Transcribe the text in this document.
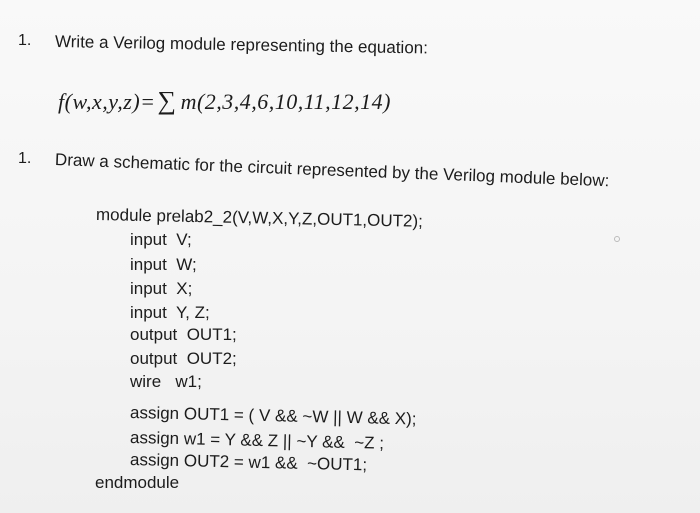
1. Write a Verilog module representing the equation:
f(w,x,y,z)=∑ m(2,3,4,6,10,11,12,14)
1. Draw a schematic for the circuit represented by the Verilog module below:
module prelab2_2(V,W,X,Y,Z,OUT1,OUT2);
input  V;
input  W;
input  X;
input  Y, Z;
output  OUT1;
output  OUT2;
wire   w1;
assign OUT1 = ( V && ~W || W && X);
assign w1 = Y && Z || ~Y &&  ~Z ;
assign OUT2 = w1 &&  ~OUT1;
endmodule
